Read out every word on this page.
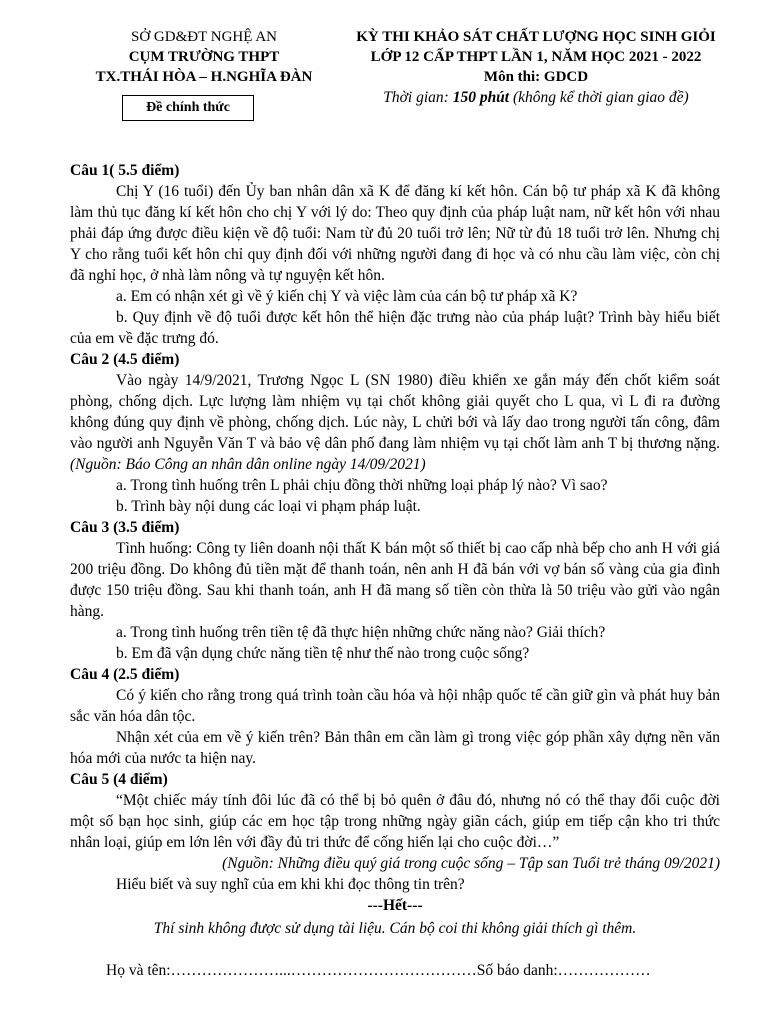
SỞ GD&ĐT NGHỆ AN
CỤM TRƯỜNG THPT
TX.THÁI HÒA – H.NGHĨA ĐÀN
Đề chính thức
KỲ THI KHẢO SÁT CHẤT LƯỢNG HỌC SINH GIỎI
LỚP 12 CẤP THPT LẦN 1, NĂM HỌC 2021 - 2022
Môn thi: GDCD
Thời gian: 150 phút (không kể thời gian giao đề)

Câu 1( 5.5 điểm)

Chị Y (16 tuổi) đến Ủy ban nhân dân xã K để đăng kí kết hôn. Cán bộ tư pháp xã K đã không làm thủ tục đăng kí kết hôn cho chị Y với lý do: Theo quy định của pháp luật nam, nữ kết hôn với nhau phải đáp ứng được điều kiện về độ tuổi: Nam từ đủ 20 tuổi trở lên; Nữ từ đủ 18 tuổi trở lên. Nhưng chị Y cho rằng tuổi kết hôn chỉ quy định đối với những người đang đi học và có nhu cầu làm việc, còn chị đã nghỉ học, ở nhà làm nông và tự nguyện kết hôn.

a. Em có nhận xét gì về ý kiến chị Y và việc làm của cán bộ tư pháp xã K?

b. Quy định về độ tuổi được kết hôn thể hiện đặc trưng nào của pháp luật? Trình bày hiểu biết của em về đặc trưng đó.

Câu 2 (4.5 điểm)

Vào ngày 14/9/2021, Trương Ngọc L (SN 1980) điều khiển xe gắn máy đến chốt kiểm soát phòng, chống dịch. Lực lượng làm nhiệm vụ tại chốt không giải quyết cho L qua, vì L đi ra đường không đúng quy định về phòng, chống dịch. Lúc này, L chửi bới và lấy dao trong người tấn công, đâm vào người anh Nguyễn Văn T và bảo vệ dân phố đang làm nhiệm vụ tại chốt làm anh T bị thương nặng. (Nguồn: Báo Công an nhân dân online ngày 14/09/2021)

a. Trong tình huống trên L phải chịu đồng thời những loại pháp lý nào? Vì sao?

b. Trình bày nội dung các loại vi phạm pháp luật.

Câu 3 (3.5 điểm)

Tình huống: Công ty liên doanh nội thất K bán một số thiết bị cao cấp nhà bếp cho anh H với giá 200 triệu đồng. Do không đủ tiền mặt để thanh toán, nên anh H đã bán với vợ bán số vàng của gia đình được 150 triệu đồng. Sau khi thanh toán, anh H đã mang số tiền còn thừa là 50 triệu vào gửi vào ngân hàng.

a. Trong tình huống trên tiền tệ đã thực hiện những chức năng nào? Giải thích?

b. Em đã vận dụng chức năng tiền tệ như thế nào trong cuộc sống?

Câu 4 (2.5 điểm)

Có ý kiến cho rằng trong quá trình toàn cầu hóa và hội nhập quốc tế cần giữ gìn và phát huy bản sắc văn hóa dân tộc.

Nhận xét của em về ý kiến trên? Bản thân em cần làm gì trong việc góp phần xây dựng nền văn hóa mới của nước ta hiện nay.

Câu 5 (4 điểm)

“Một chiếc máy tính đôi lúc đã có thể bị bỏ quên ở đâu đó, nhưng nó có thể thay đổi cuộc đời một số bạn học sinh, giúp các em học tập trong những ngày giãn cách, giúp em tiếp cận kho tri thức nhân loại, giúp em lớn lên với đầy đủ tri thức để cống hiến lại cho cuộc đời…”

(Nguồn: Những điều quý giá trong cuộc sống – Tập san Tuổi trẻ tháng 09/2021)

Hiểu biết và suy nghĩ của em khi khi đọc thông tin trên?

---Hết---

Thí sinh không được sử dụng tài liệu. Cán bộ coi thi không giải thích gì thêm.

Họ và tên:…………………...………………………………Số báo danh:………………
